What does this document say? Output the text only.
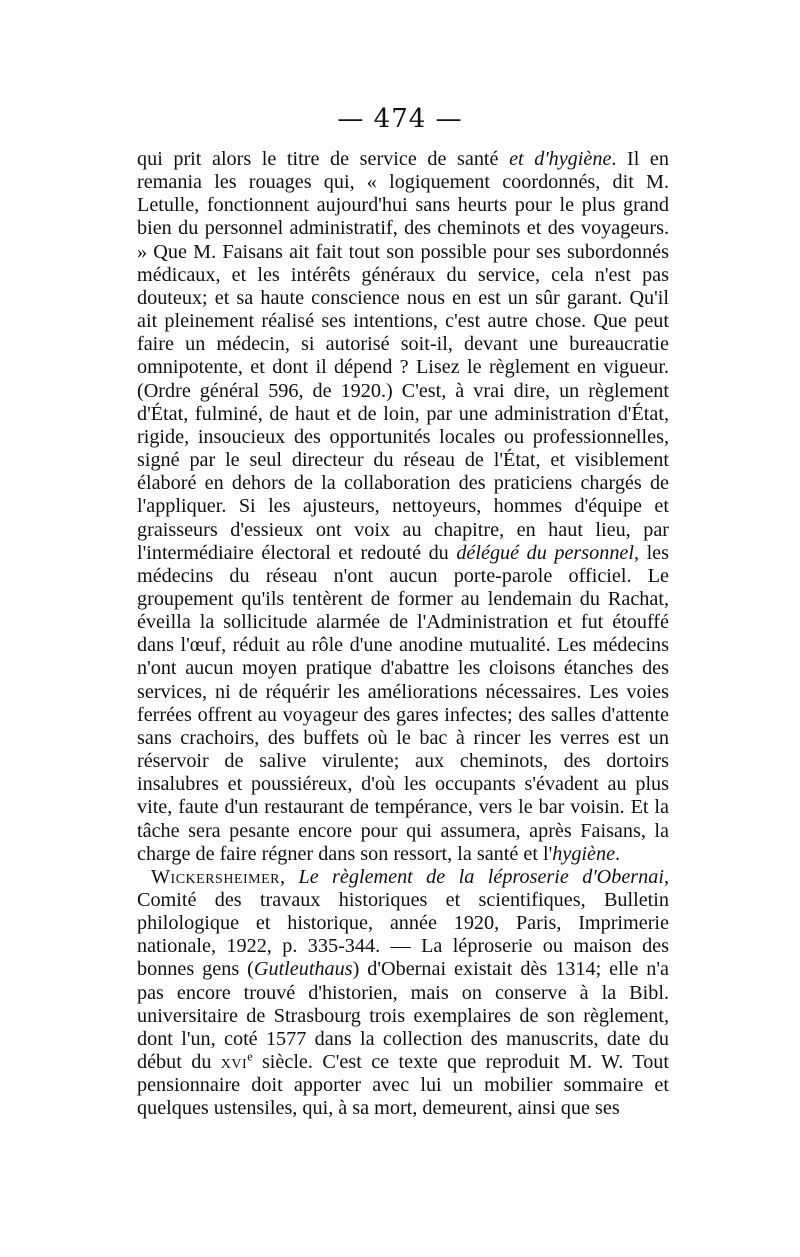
— 474 —

qui prit alors le titre de service de santé et d'hygiène. Il en remania les rouages qui, « logiquement coordonnés, dit M. Letulle, fonctionnent aujourd'hui sans heurts pour le plus grand bien du personnel administratif, des cheminots et des voyageurs. » Que M. Faisans ait fait tout son possible pour ses subordonnés médicaux, et les intérêts généraux du service, cela n'est pas douteux; et sa haute conscience nous en est un sûr garant. Qu'il ait pleinement réalisé ses intentions, c'est autre chose. Que peut faire un médecin, si autorisé soit-il, devant une bureaucratie omnipotente, et dont il dépend ? Lisez le règlement en vigueur. (Ordre général 596, de 1920.) C'est, à vrai dire, un règlement d'État, fulminé, de haut et de loin, par une administration d'État, rigide, insoucieux des opportunités locales ou professionnelles, signé par le seul directeur du réseau de l'État, et visiblement élaboré en dehors de la collaboration des praticiens chargés de l'appliquer. Si les ajusteurs, nettoyeurs, hommes d'équipe et graisseurs d'essieux ont voix au chapitre, en haut lieu, par l'intermédiaire électoral et redouté du délégué du personnel, les médecins du réseau n'ont aucun porte-parole officiel. Le groupement qu'ils tentèrent de former au lendemain du Rachat, éveilla la sollicitude alarmée de l'Administration et fut étouffé dans l'œuf, réduit au rôle d'une anodine mutualité. Les médecins n'ont aucun moyen pratique d'abattre les cloisons étanches des services, ni de réquérir les améliorations nécessaires. Les voies ferrées offrent au voyageur des gares infectes; des salles d'attente sans crachoirs, des buffets où le bac à rincer les verres est un réservoir de salive virulente; aux cheminots, des dortoirs insalubres et poussiéreux, d'où les occupants s'évadent au plus vite, faute d'un restaurant de tempérance, vers le bar voisin. Et la tâche sera pesante encore pour qui assumera, après Faisans, la charge de faire régner dans son ressort, la santé et l'hygiène.

Wickersheimer, Le règlement de la léproserie d'Obernai, Comité des travaux historiques et scientifiques, Bulletin philologique et historique, année 1920, Paris, Imprimerie nationale, 1922, p. 335-344. — La léproserie ou maison des bonnes gens (Gutleuthaus) d'Obernai existait dès 1314; elle n'a pas encore trouvé d'historien, mais on conserve à la Bibl. universitaire de Strasbourg trois exemplaires de son règlement, dont l'un, coté 1577 dans la collection des manuscrits, date du début du xvi$^e$ siècle. C'est ce texte que reproduit M. W. Tout pensionnaire doit apporter avec lui un mobilier sommaire et quelques ustensiles, qui, à sa mort, demeurent, ainsi que ses
